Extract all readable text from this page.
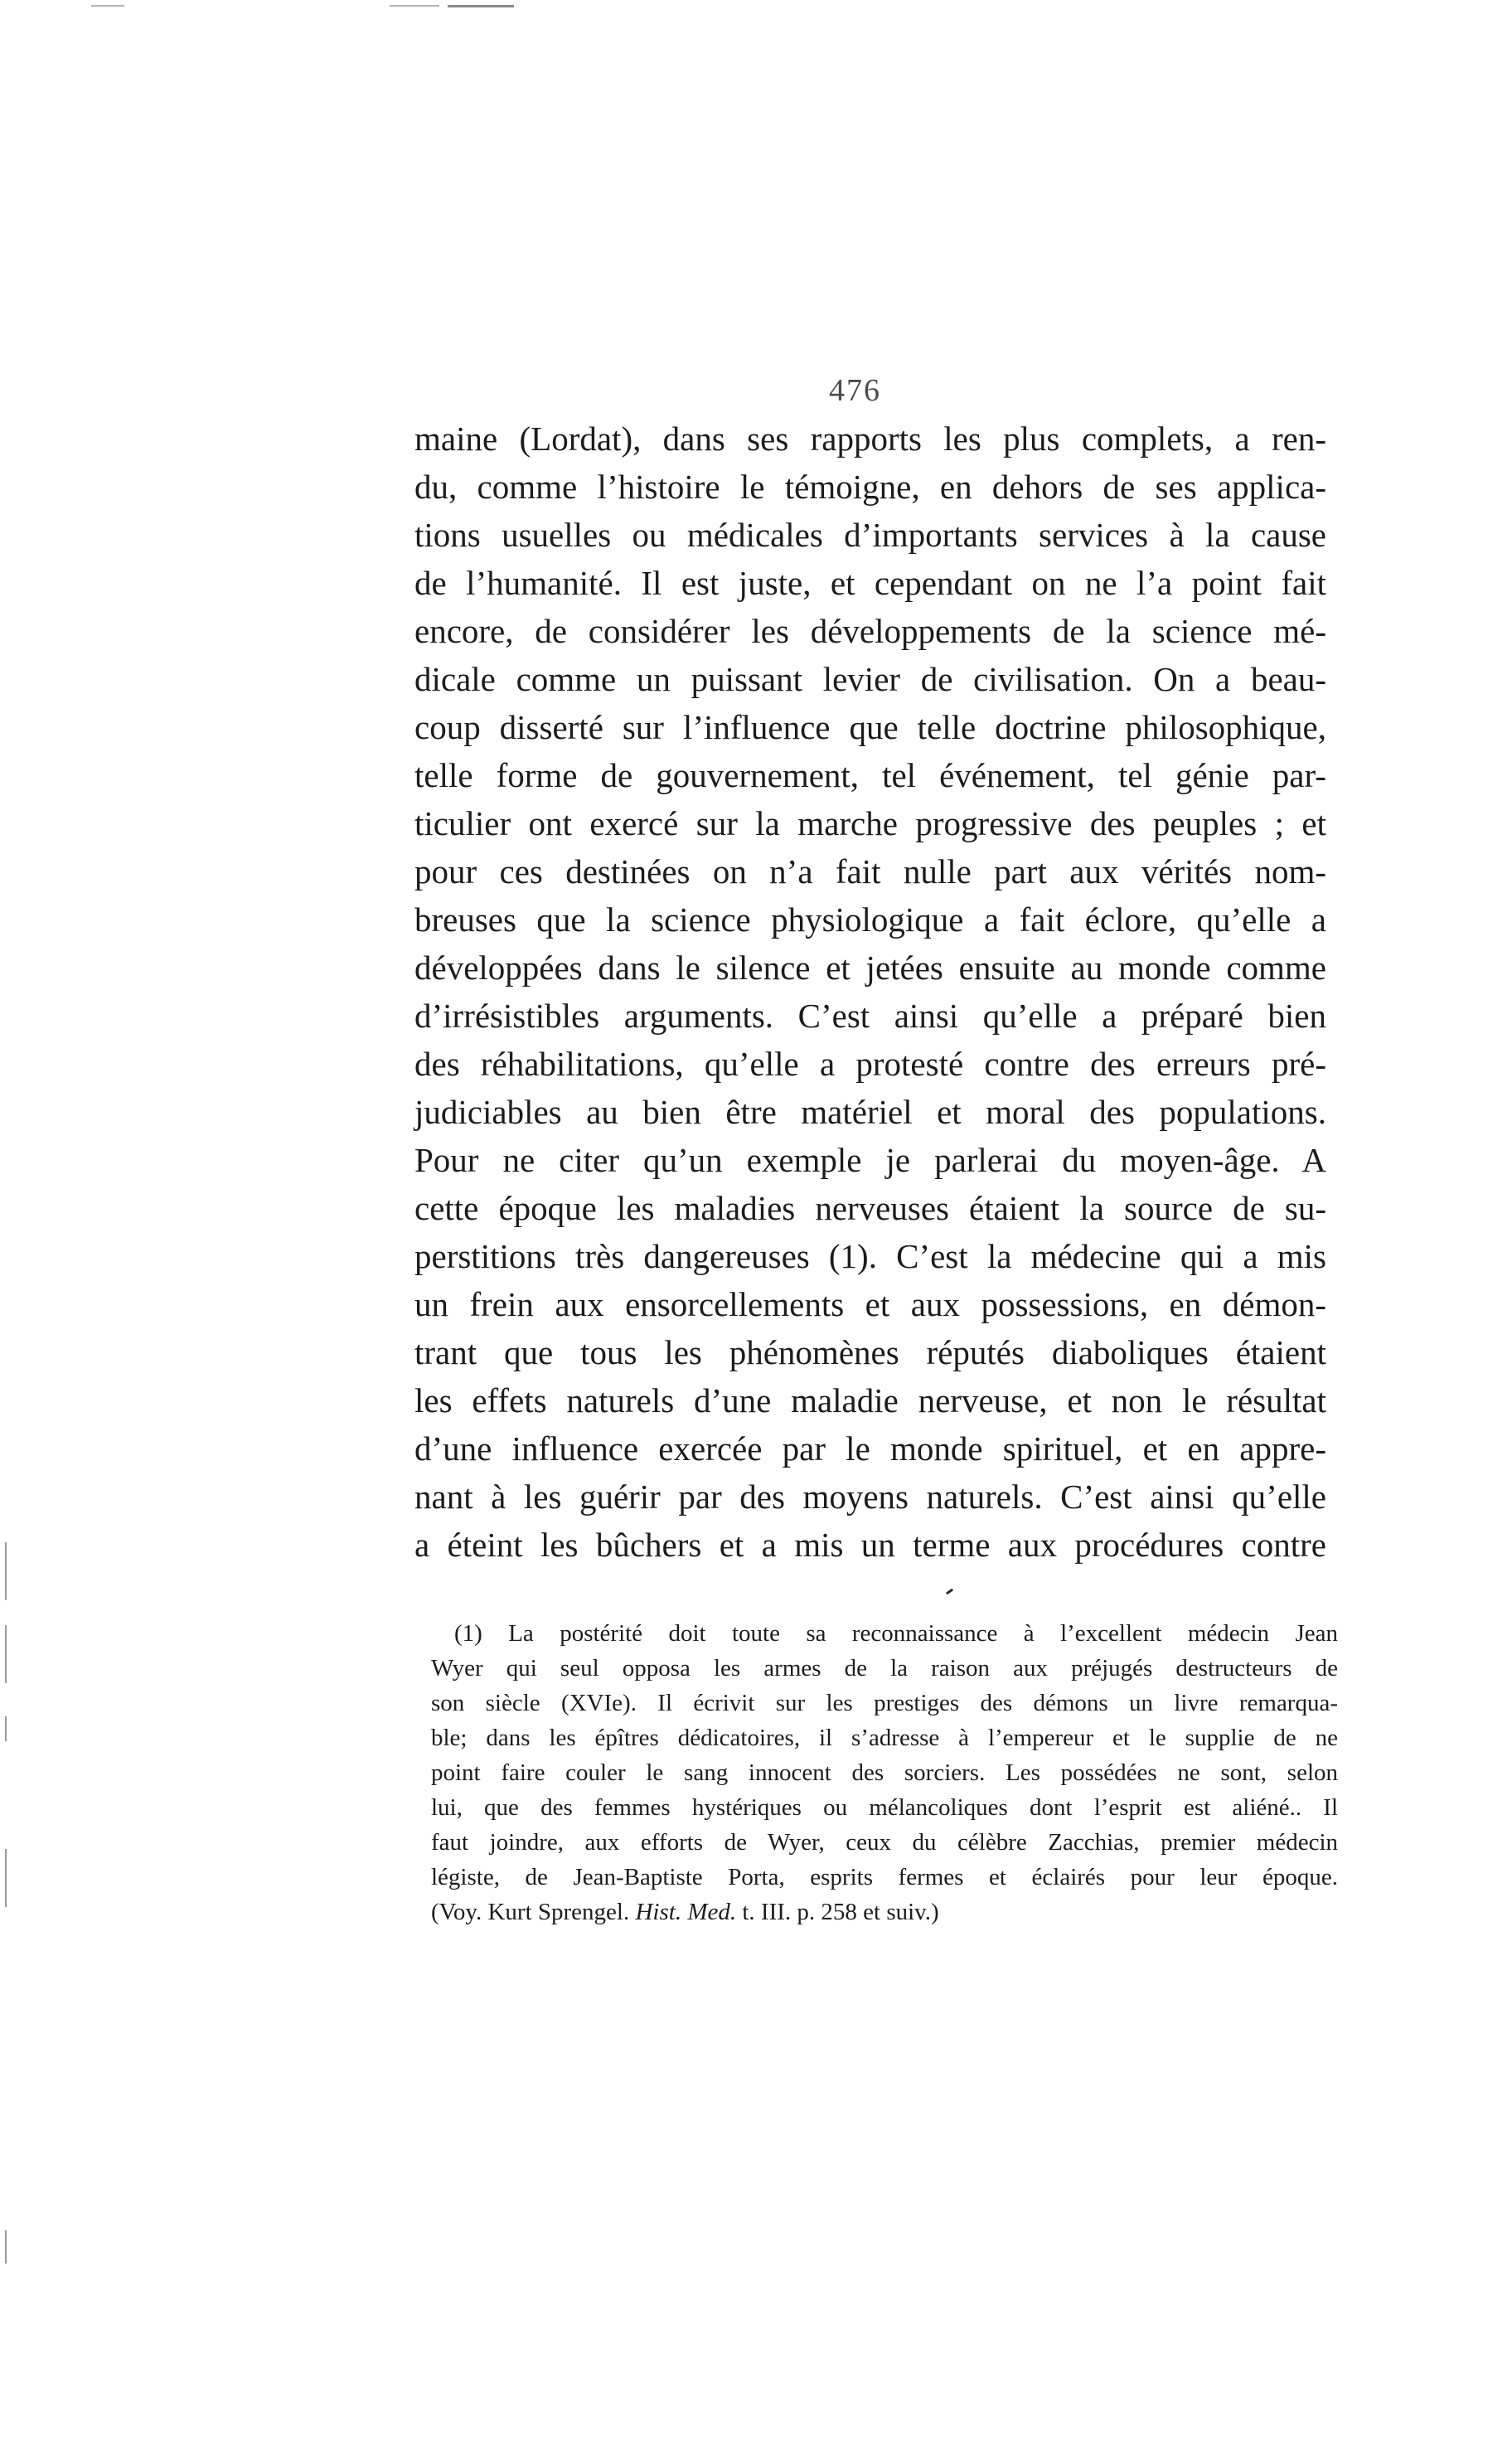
476
maine (Lordat), dans ses rapports les plus complets, a ren-
du, comme l’histoire le témoigne, en dehors de ses applica-
tions usuelles ou médicales d’importants services à la cause
de l’humanité. Il est juste, et cependant on ne l’a point fait
encore, de considérer les développements de la science mé-
dicale comme un puissant levier de civilisation. On a beau-
coup disserté sur l’influence que telle doctrine philosophique,
telle forme de gouvernement, tel événement, tel génie par-
ticulier ont exercé sur la marche progressive des peuples ; et
pour ces destinées on n’a fait nulle part aux vérités nom-
breuses que la science physiologique a fait éclore, qu’elle a
développées dans le silence et jetées ensuite au monde comme
d’irrésistibles arguments. C’est ainsi qu’elle a préparé bien
des réhabilitations, qu’elle a protesté contre des erreurs pré-
judiciables au bien être matériel et moral des populations.
Pour ne citer qu’un exemple je parlerai du moyen-âge. A
cette époque les maladies nerveuses étaient la source de su-
perstitions très dangereuses (1). C’est la médecine qui a mis
un frein aux ensorcellements et aux possessions, en démon-
trant que tous les phénomènes réputés diaboliques étaient
les effets naturels d’une maladie nerveuse, et non le résultat
d’une influence exercée par le monde spirituel, et en appre-
nant à les guérir par des moyens naturels. C’est ainsi qu’elle
a éteint les bûchers et a mis un terme aux procédures contre
(1) La postérité doit toute sa reconnaissance à l’excellent médecin Jean
Wyer qui seul opposa les armes de la raison aux préjugés destructeurs de
son siècle (XVIe). Il écrivit sur les prestiges des démons un livre remarqua-
ble; dans les épîtres dédicatoires, il s’adresse à l’empereur et le supplie de ne
point faire couler le sang innocent des sorciers. Les possédées ne sont, selon
lui, que des femmes hystériques ou mélancoliques dont l’esprit est aliéné.. Il
faut joindre, aux efforts de Wyer, ceux du célèbre Zacchias, premier médecin
légiste, de Jean-Baptiste Porta, esprits fermes et éclairés pour leur époque.
(Voy. Kurt Sprengel. Hist. Med. t. III. p. 258 et suiv.)
